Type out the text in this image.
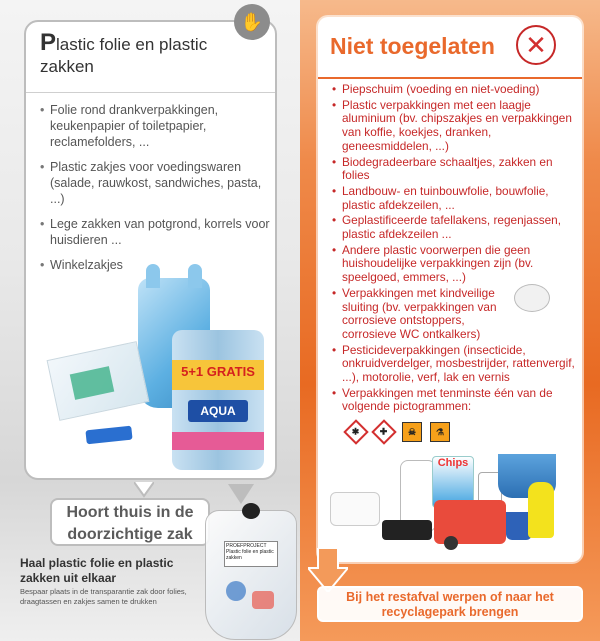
Plastic folie en plastic zakken
• Folie rond drankverpakkingen, keukenpapier of toiletpapier, reclamefolders, ...
• Plastic zakjes voor voedingswaren (salade, rauwkost, sandwiches, pasta, ...)
• Lege zakken van potgrond, korrels voor huisdieren ...
• Winkelzakjes
✋
5+1 GRATIS
AQUA
Hoort thuis in de doorzichtige zak
Haal plastic folie en plastic zakken uit elkaar
Bespaar plaats in de transparantie zak door folies, draagtassen en zakjes samen te drukken
PROEFPROJECT Plastic folie en plastic zakken
Niet toegelaten	✕
• Piepschuim (voeding en niet-voeding)
• Plastic verpakkingen met een laagje aluminium (bv. chipszakjes en verpakkingen van koffie, koekjes, dranken, geneesmiddelen, ...)
• Biodegradeerbare schaaltjes, zakken en folies
• Landbouw- en tuinbouwfolie, bouwfolie, plastic afdekzeilen, ...
• Geplastificeerde tafellakens, regenjassen, plastic afdekzeilen ...
• Andere plastic voorwerpen die geen huishoudelijke verpakkingen zijn (bv. speelgoed, emmers, ...)
• Verpakkingen met kindveilige sluiting (bv. verpakkingen van corrosieve ontstoppers, corrosieve WC ontkalkers)
• Pesticideverpakkingen (insecticide, onkruidverdelger, mosbestrijder, rattenvergif, ...), motorolie, verf, lak en vernis
• Verpakkingen met tenminste één van de volgende pictogrammen:
✱ ✚ ☠ ⚗
Chips
Bij het restafval werpen of naar het recyclagepark brengen
